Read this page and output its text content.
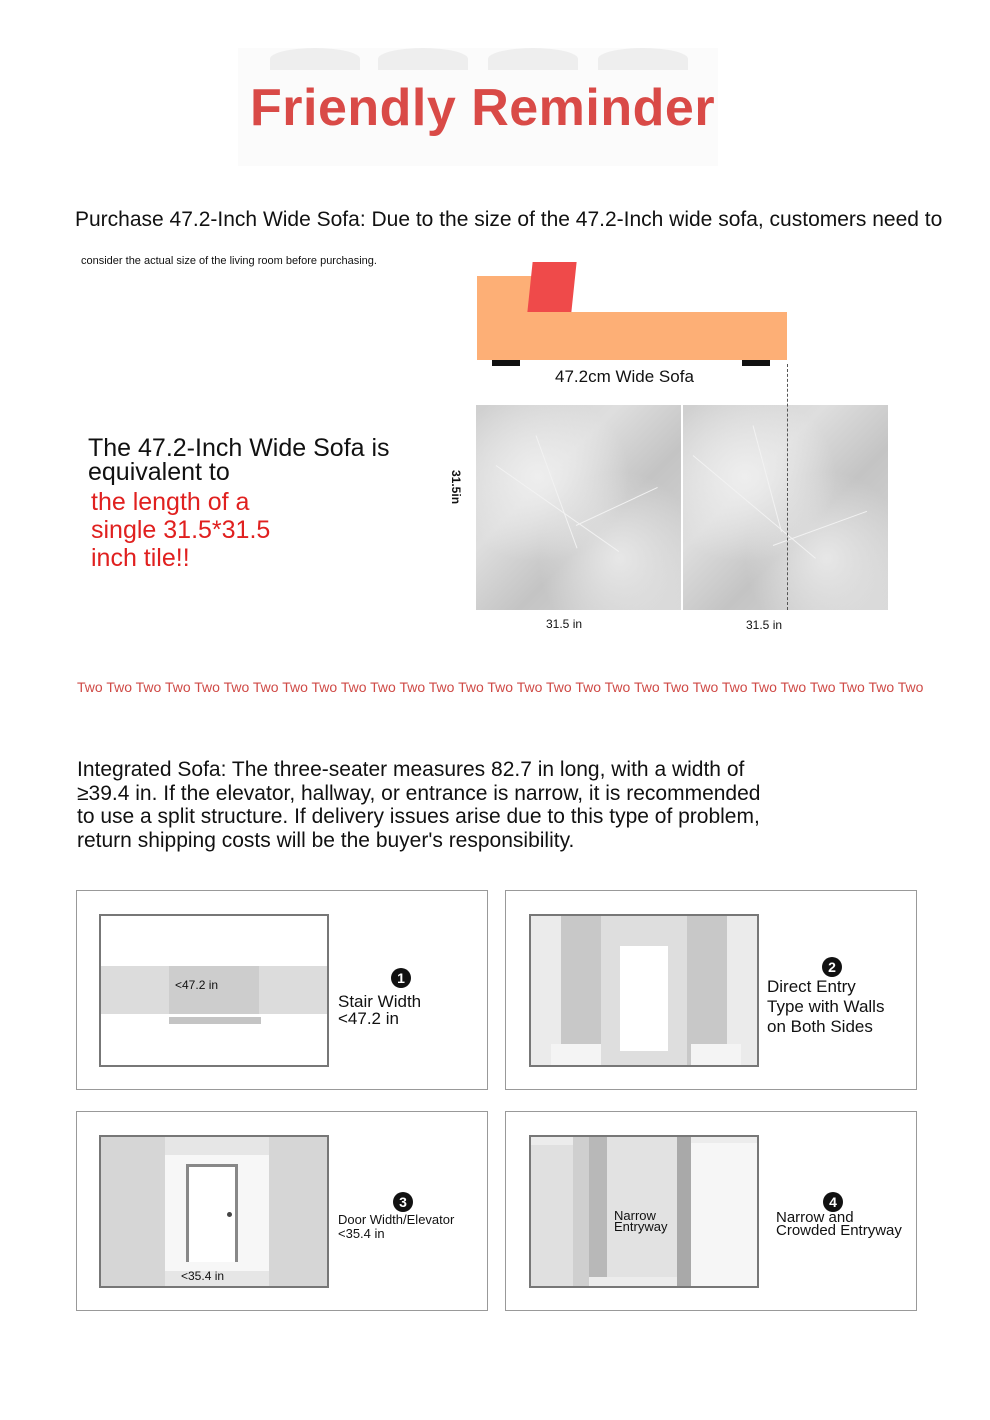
Friendly Reminder
Purchase 47.2-Inch Wide Sofa: Due to the size of the 47.2-Inch wide sofa, customers need to
consider the actual size of the living room before purchasing.
47.2cm Wide Sofa
31.5in
31.5 in	31.5 in
The 47.2-Inch Wide Sofa is
equivalent to
the length of a
single 31.5*31.5
inch tile!!
Two Two Two Two Two Two Two Two Two Two Two Two Two Two Two Two Two Two Two Two Two Two Two Two Two Two Two Two Two
Integrated Sofa: The three-seater measures 82.7 in long, with a width of
≥39.4 in. If the elevator, hallway, or entrance is narrow, it is recommended
to use a split structure. If delivery issues arise due to this type of problem,
return shipping costs will be the buyer's responsibility.
<47.2 in	1
Stair Width
<47.2 in
2
Direct Entry
Type with Walls
on Both Sides
<35.4 in
3
Door Width/Elevator
<35.4 in
Narrow
Entryway
4
Narrow and
Crowded Entryway
